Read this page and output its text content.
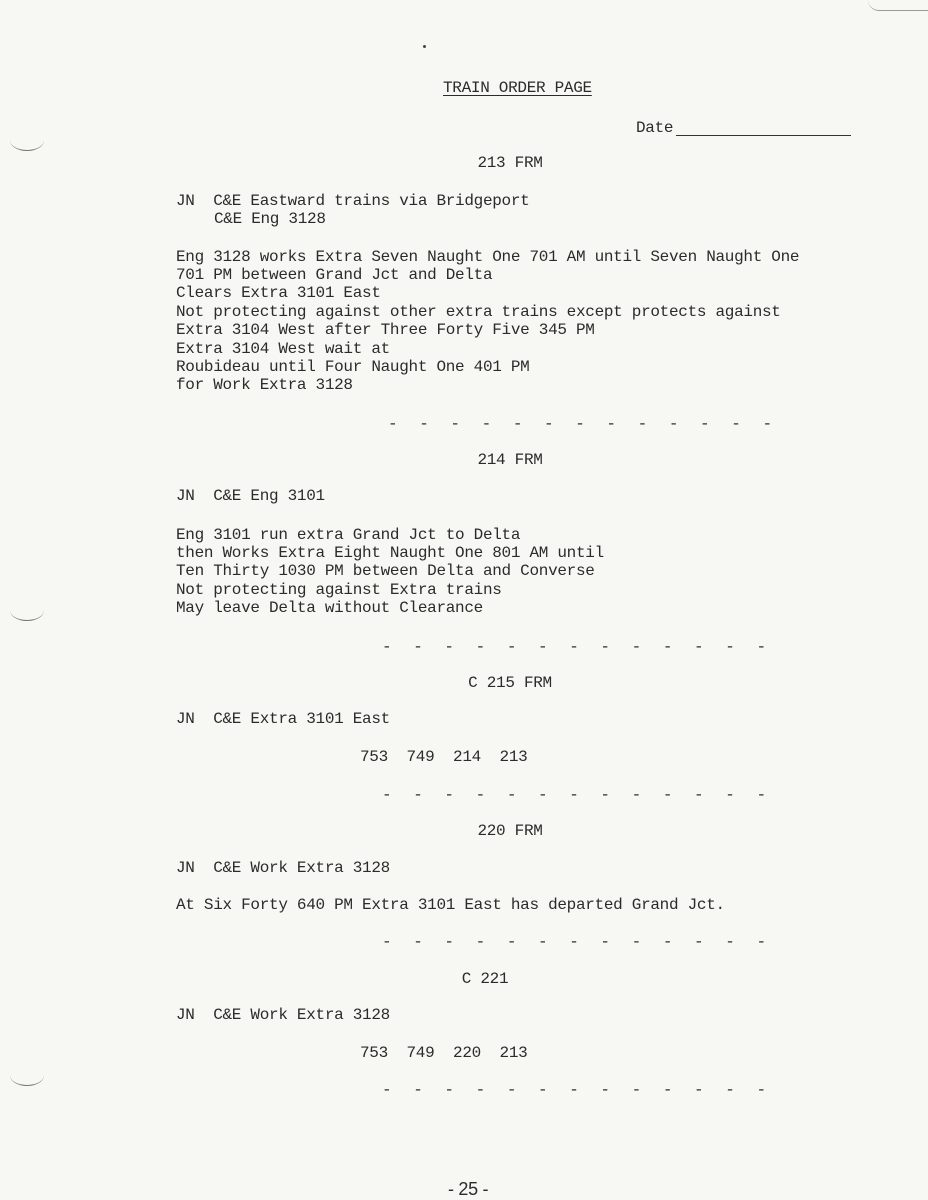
TRAIN ORDER PAGE
Date
213 FRM
JN  C&E Eastward trains via Bridgeport
C&E Eng 3128
Eng 3128 works Extra Seven Naught One 701 AM until Seven Naught One
701 PM between Grand Jct and Delta
Clears Extra 3101 East
Not protecting against other extra trains except protects against
Extra 3104 West after Three Forty Five 345 PM
Extra 3104 West wait at
Roubideau until Four Naught One 401 PM
for Work Extra 3128
- - - - - - - - - - - - -
214 FRM
JN  C&E Eng 3101
Eng 3101 run extra Grand Jct to Delta
then Works Extra Eight Naught One 801 AM until
Ten Thirty 1030 PM between Delta and Converse
Not protecting against Extra trains
May leave Delta without Clearance
- - - - - - - - - - - - -
C 215 FRM
JN  C&E Extra 3101 East
753  749  214  213
- - - - - - - - - - - - -
220 FRM
JN  C&E Work Extra 3128
At Six Forty 640 PM Extra 3101 East has departed Grand Jct.
- - - - - - - - - - - - -
C 221
JN  C&E Work Extra 3128
753  749  220  213
- - - - - - - - - - - - -
- 25 -
